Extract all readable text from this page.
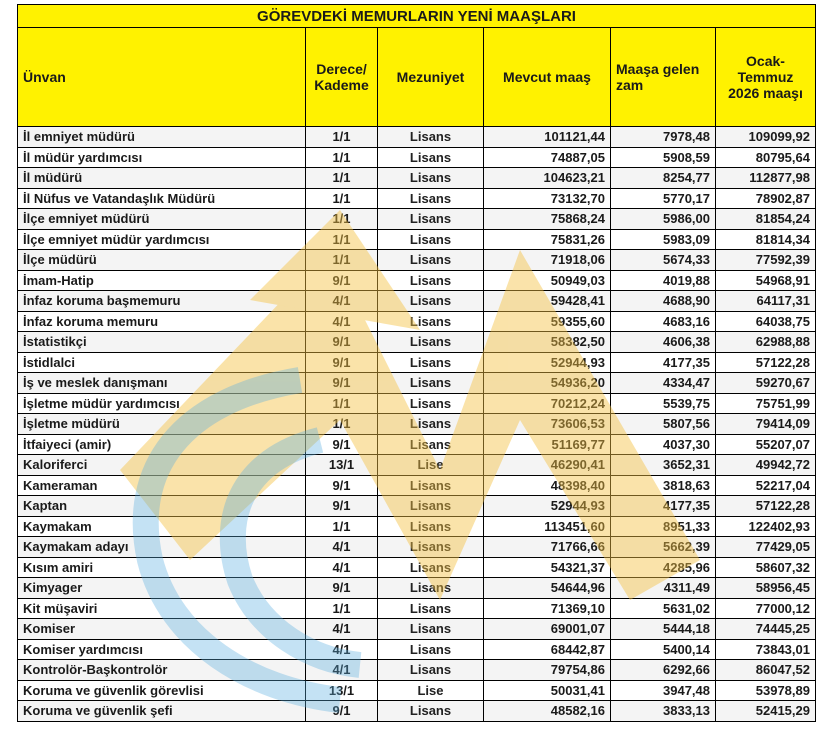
GÖREVDEKİ MEMURLARIN YENİ MAAŞLARI					
Ünvan	Derece/ Kademe	Mezuniyet	Mevcut maaş	Maaşa gelen zam	Ocak-Temmuz 2026 maaşı
İl emniyet müdürü	1/1	Lisans	101121,44	7978,48	109099,92
İl müdür yardımcısı	1/1	Lisans	74887,05	5908,59	80795,64
İl müdürü	1/1	Lisans	104623,21	8254,77	112877,98
İl Nüfus ve Vatandaşlık Müdürü	1/1	Lisans	73132,70	5770,17	78902,87
İlçe emniyet müdürü	1/1	Lisans	75868,24	5986,00	81854,24
İlçe emniyet müdür yardımcısı	1/1	Lisans	75831,26	5983,09	81814,34
İlçe müdürü	1/1	Lisans	71918,06	5674,33	77592,39
İmam-Hatip	9/1	Lisans	50949,03	4019,88	54968,91
İnfaz koruma başmemuru	4/1	Lisans	59428,41	4688,90	64117,31
İnfaz koruma memuru	4/1	Lisans	59355,60	4683,16	64038,75
İstatistikçi	9/1	Lisans	58382,50	4606,38	62988,88
İstidlalci	9/1	Lisans	52944,93	4177,35	57122,28
İş ve meslek danışmanı	9/1	Lisans	54936,20	4334,47	59270,67
İşletme müdür yardımcısı	1/1	Lisans	70212,24	5539,75	75751,99
İşletme müdürü	1/1	Lisans	73606,53	5807,56	79414,09
İtfaiyeci (amir)	9/1	Lisans	51169,77	4037,30	55207,07
Kaloriferci	13/1	Lise	46290,41	3652,31	49942,72
Kameraman	9/1	Lisans	48398,40	3818,63	52217,04
Kaptan	9/1	Lisans	52944,93	4177,35	57122,28
Kaymakam	1/1	Lisans	113451,60	8951,33	122402,93
Kaymakam adayı	4/1	Lisans	71766,66	5662,39	77429,05
Kısım amiri	4/1	Lisans	54321,37	4285,96	58607,32
Kimyager	9/1	Lisans	54644,96	4311,49	58956,45
Kit müşaviri	1/1	Lisans	71369,10	5631,02	77000,12
Komiser	4/1	Lisans	69001,07	5444,18	74445,25
Komiser yardımcısı	4/1	Lisans	68442,87	5400,14	73843,01
Kontrolör-Başkontrolör	4/1	Lisans	79754,86	6292,66	86047,52
Koruma ve güvenlik görevlisi	13/1	Lise	50031,41	3947,48	53978,89
Koruma ve güvenlik şefi	9/1	Lisans	48582,16	3833,13	52415,29
